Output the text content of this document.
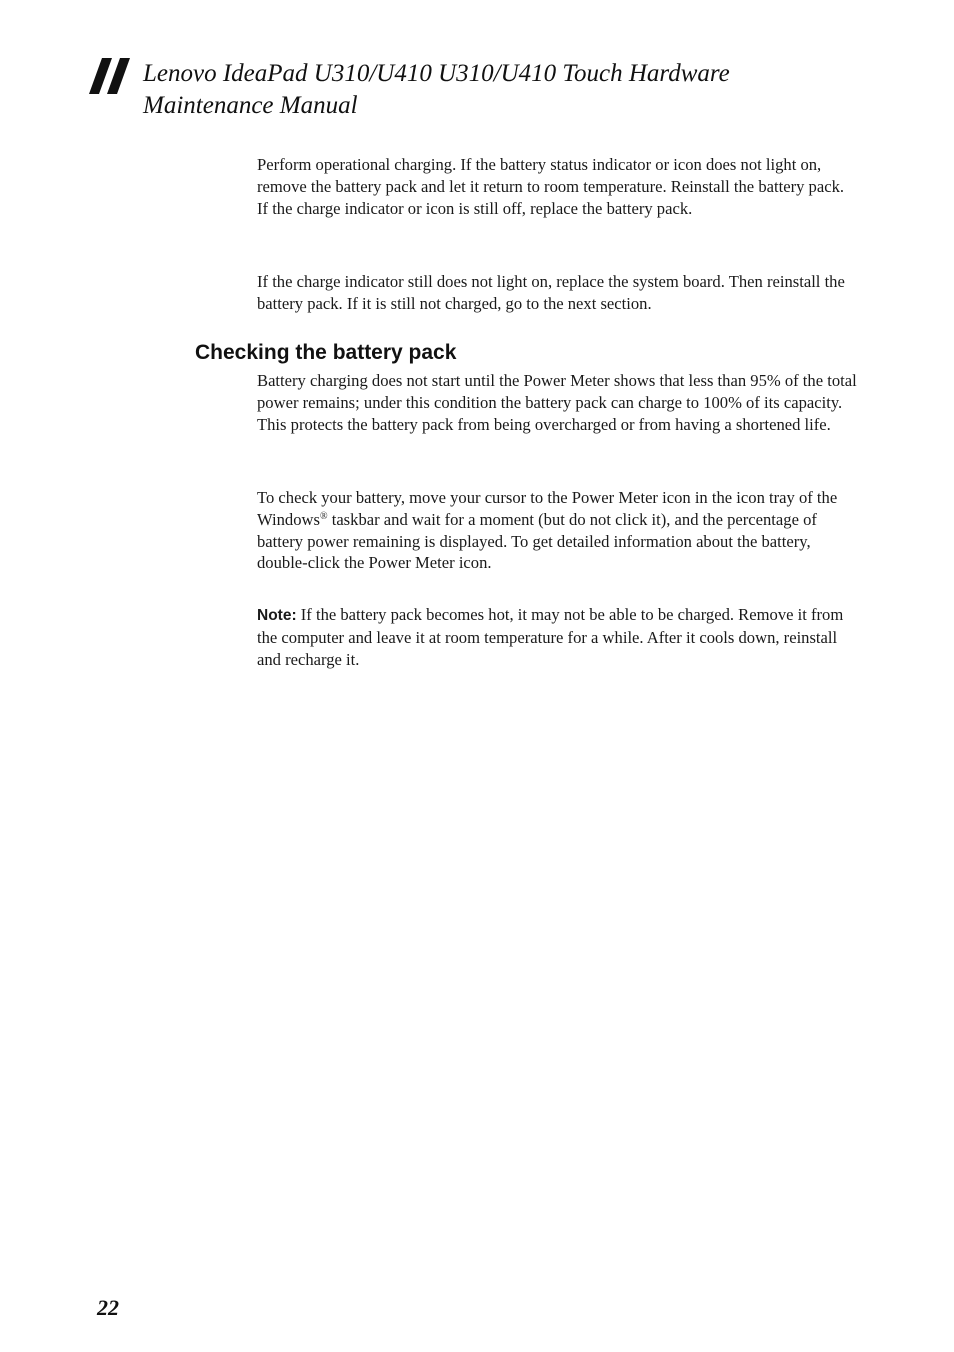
Lenovo IdeaPad U310/U410 U310/U410 Touch Hardware
Maintenance Manual

Perform operational charging. If the battery status indicator or icon does not light on, remove the battery pack and let it return to room temperature. Reinstall the battery pack. If the charge indicator or icon is still off, replace the battery pack.

If the charge indicator still does not light on, replace the system board. Then reinstall the battery pack. If it is still not charged, go to the next section.

Checking the battery pack

Battery charging does not start until the Power Meter shows that less than 95% of the total power remains; under this condition the battery pack can charge to 100% of its capacity. This protects the battery pack from being overcharged or from having a shortened life.

To check your battery, move your cursor to the Power Meter icon in the icon tray of the Windows® taskbar and wait for a moment (but do not click it), and the percentage of battery power remaining is displayed. To get detailed information about the battery, double-click the Power Meter icon.

Note: If the battery pack becomes hot, it may not be able to be charged. Remove it from the computer and leave it at room temperature for a while. After it cools down, reinstall and recharge it.

22
